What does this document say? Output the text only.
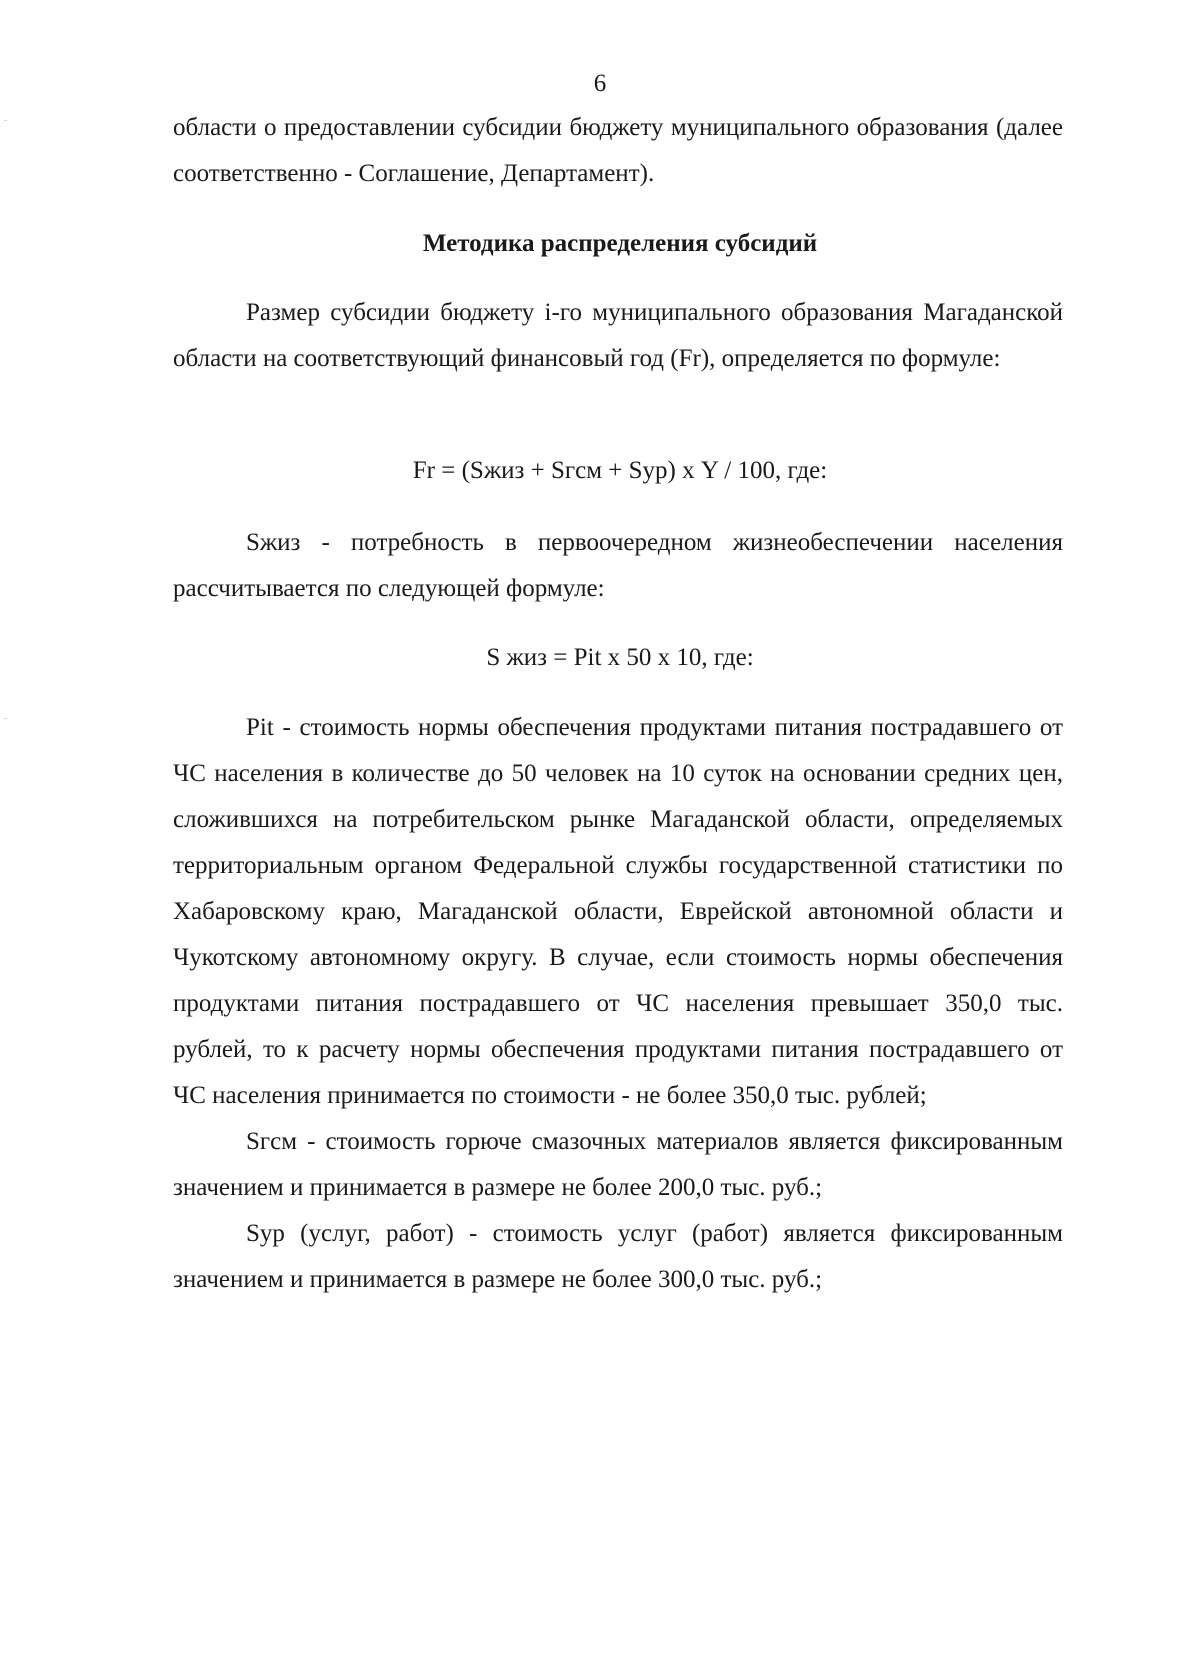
6

области о предоставлении субсидии бюджету муниципального образования (далее соответственно - Соглашение, Департамент).

Методика распределения субсидий

Размер субсидии бюджету i-го муниципального образования Магаданской области на соответствующий финансовый год (Fr), определяется по формуле:

Fr = (Sжиз + Sгсм + Syр) х Y / 100, где:

Sжиз - потребность в первоочередном жизнеобеспечении населения рассчитывается по следующей формуле:

S жиз = Pit х 50 х 10, где:

Pit - стоимость нормы обеспечения продуктами питания пострадавшего от ЧС населения в количестве до 50 человек на 10 суток на основании средних цен, сложившихся на потребительском рынке Магаданской области, определяемых территориальным органом Федеральной службы государственной статистики по Хабаровскому краю, Магаданской области, Еврейской автономной области и Чукотскому автономному округу. В случае, если стоимость нормы обеспечения продуктами питания пострадавшего от ЧС населения превышает 350,0 тыс. рублей, то к расчету нормы обеспечения продуктами питания пострадавшего от ЧС населения принимается по стоимости - не более 350,0 тыс. рублей;

Sгсм - стоимость горюче смазочных материалов является фиксированным значением и принимается в размере не более 200,0 тыс. руб.;

Syр (услуг, работ) - стоимость услуг (работ) является фиксированным значением и принимается в размере не более 300,0 тыс. руб.;
